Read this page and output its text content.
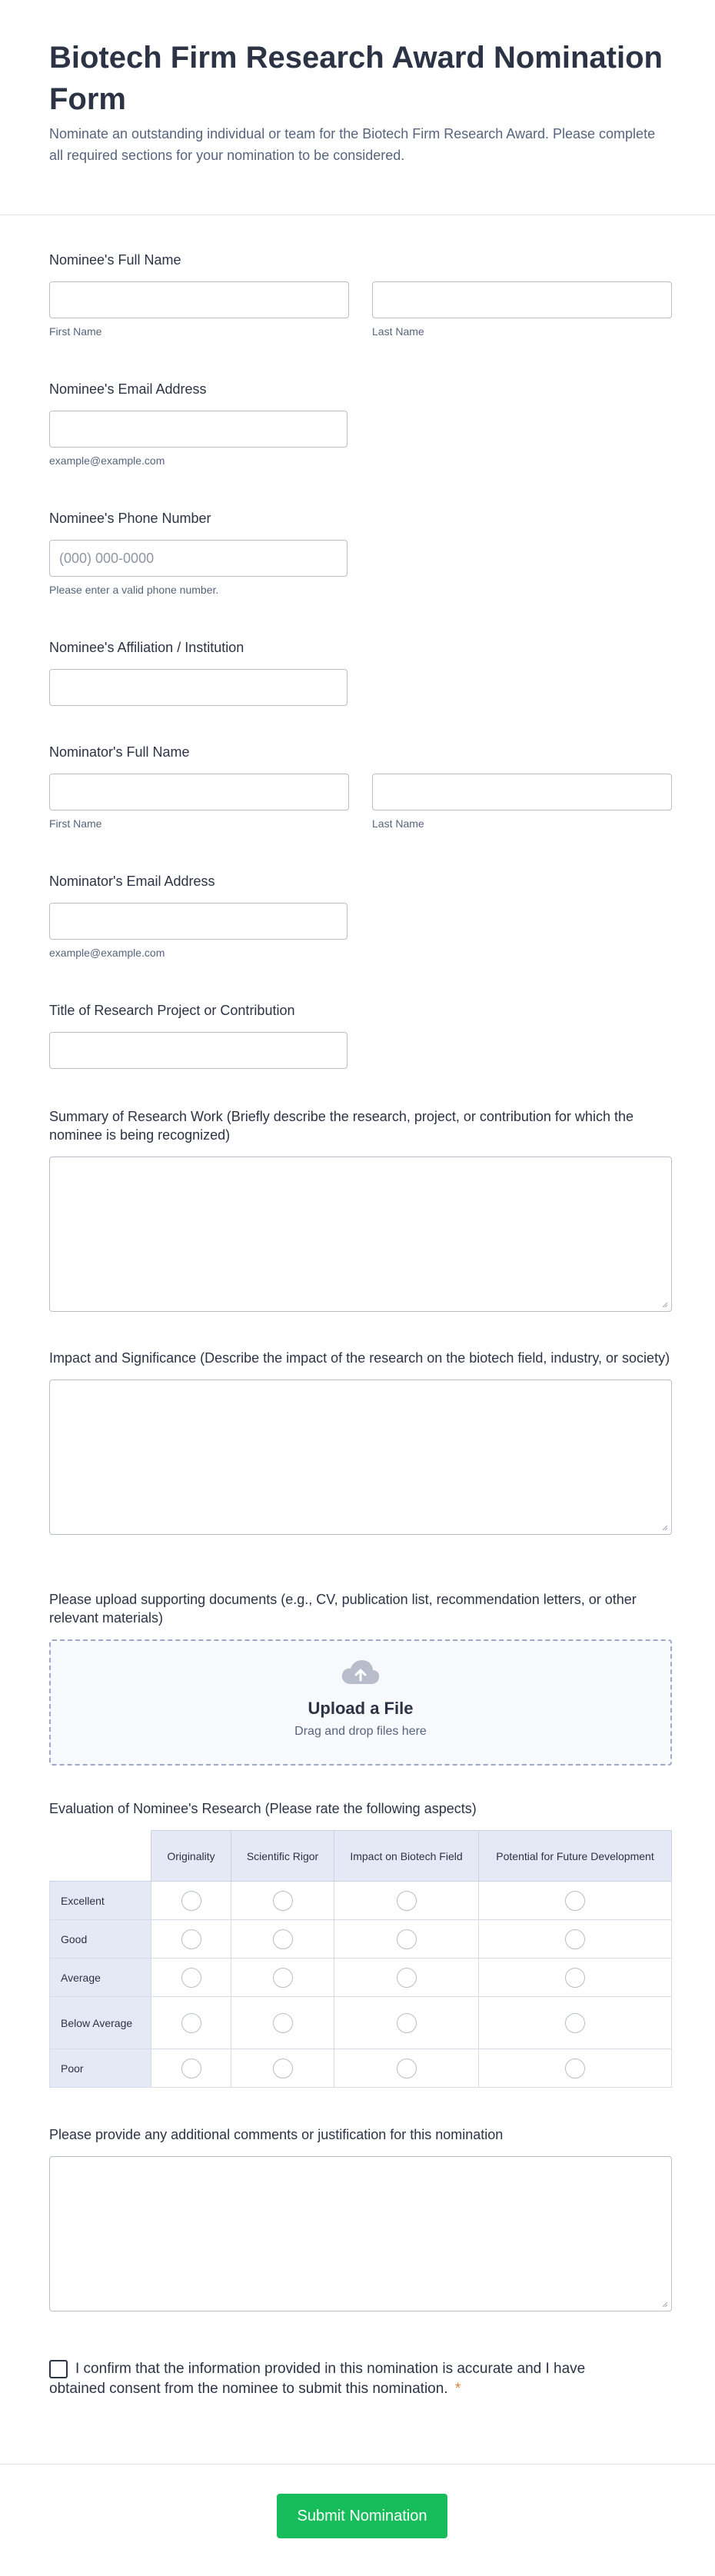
Biotech Firm Research Award Nomination Form

Nominate an outstanding individual or team for the Biotech Firm Research Award. Please complete all required sections for your nomination to be considered.

Nominee's Full Name
First Name	Last Name
Nominee's Email Address
example@example.com
Nominee's Phone Number
(000) 000-0000
Please enter a valid phone number.
Nominee's Affiliation / Institution
Nominator's Full Name
First Name	Last Name
Nominator's Email Address
example@example.com
Title of Research Project or Contribution
Summary of Research Work (Briefly describe the research, project, or contribution for which the nominee is being recognized)
Impact and Significance (Describe the impact of the research on the biotech field, industry, or society)
Please upload supporting documents (e.g., CV, publication list, recommendation letters, or other relevant materials)
Upload a File
Drag and drop files here
Evaluation of Nominee's Research (Please rate the following aspects)
	Originality	Scientific Rigor	Impact on Biotech Field	Potential for Future Development
Excellent				
Good				
Average				
Below Average				
Poor				
Please provide any additional comments or justification for this nomination
I confirm that the information provided in this nomination is accurate and I have obtained consent from the nominee to submit this nomination. *
Submit Nomination
